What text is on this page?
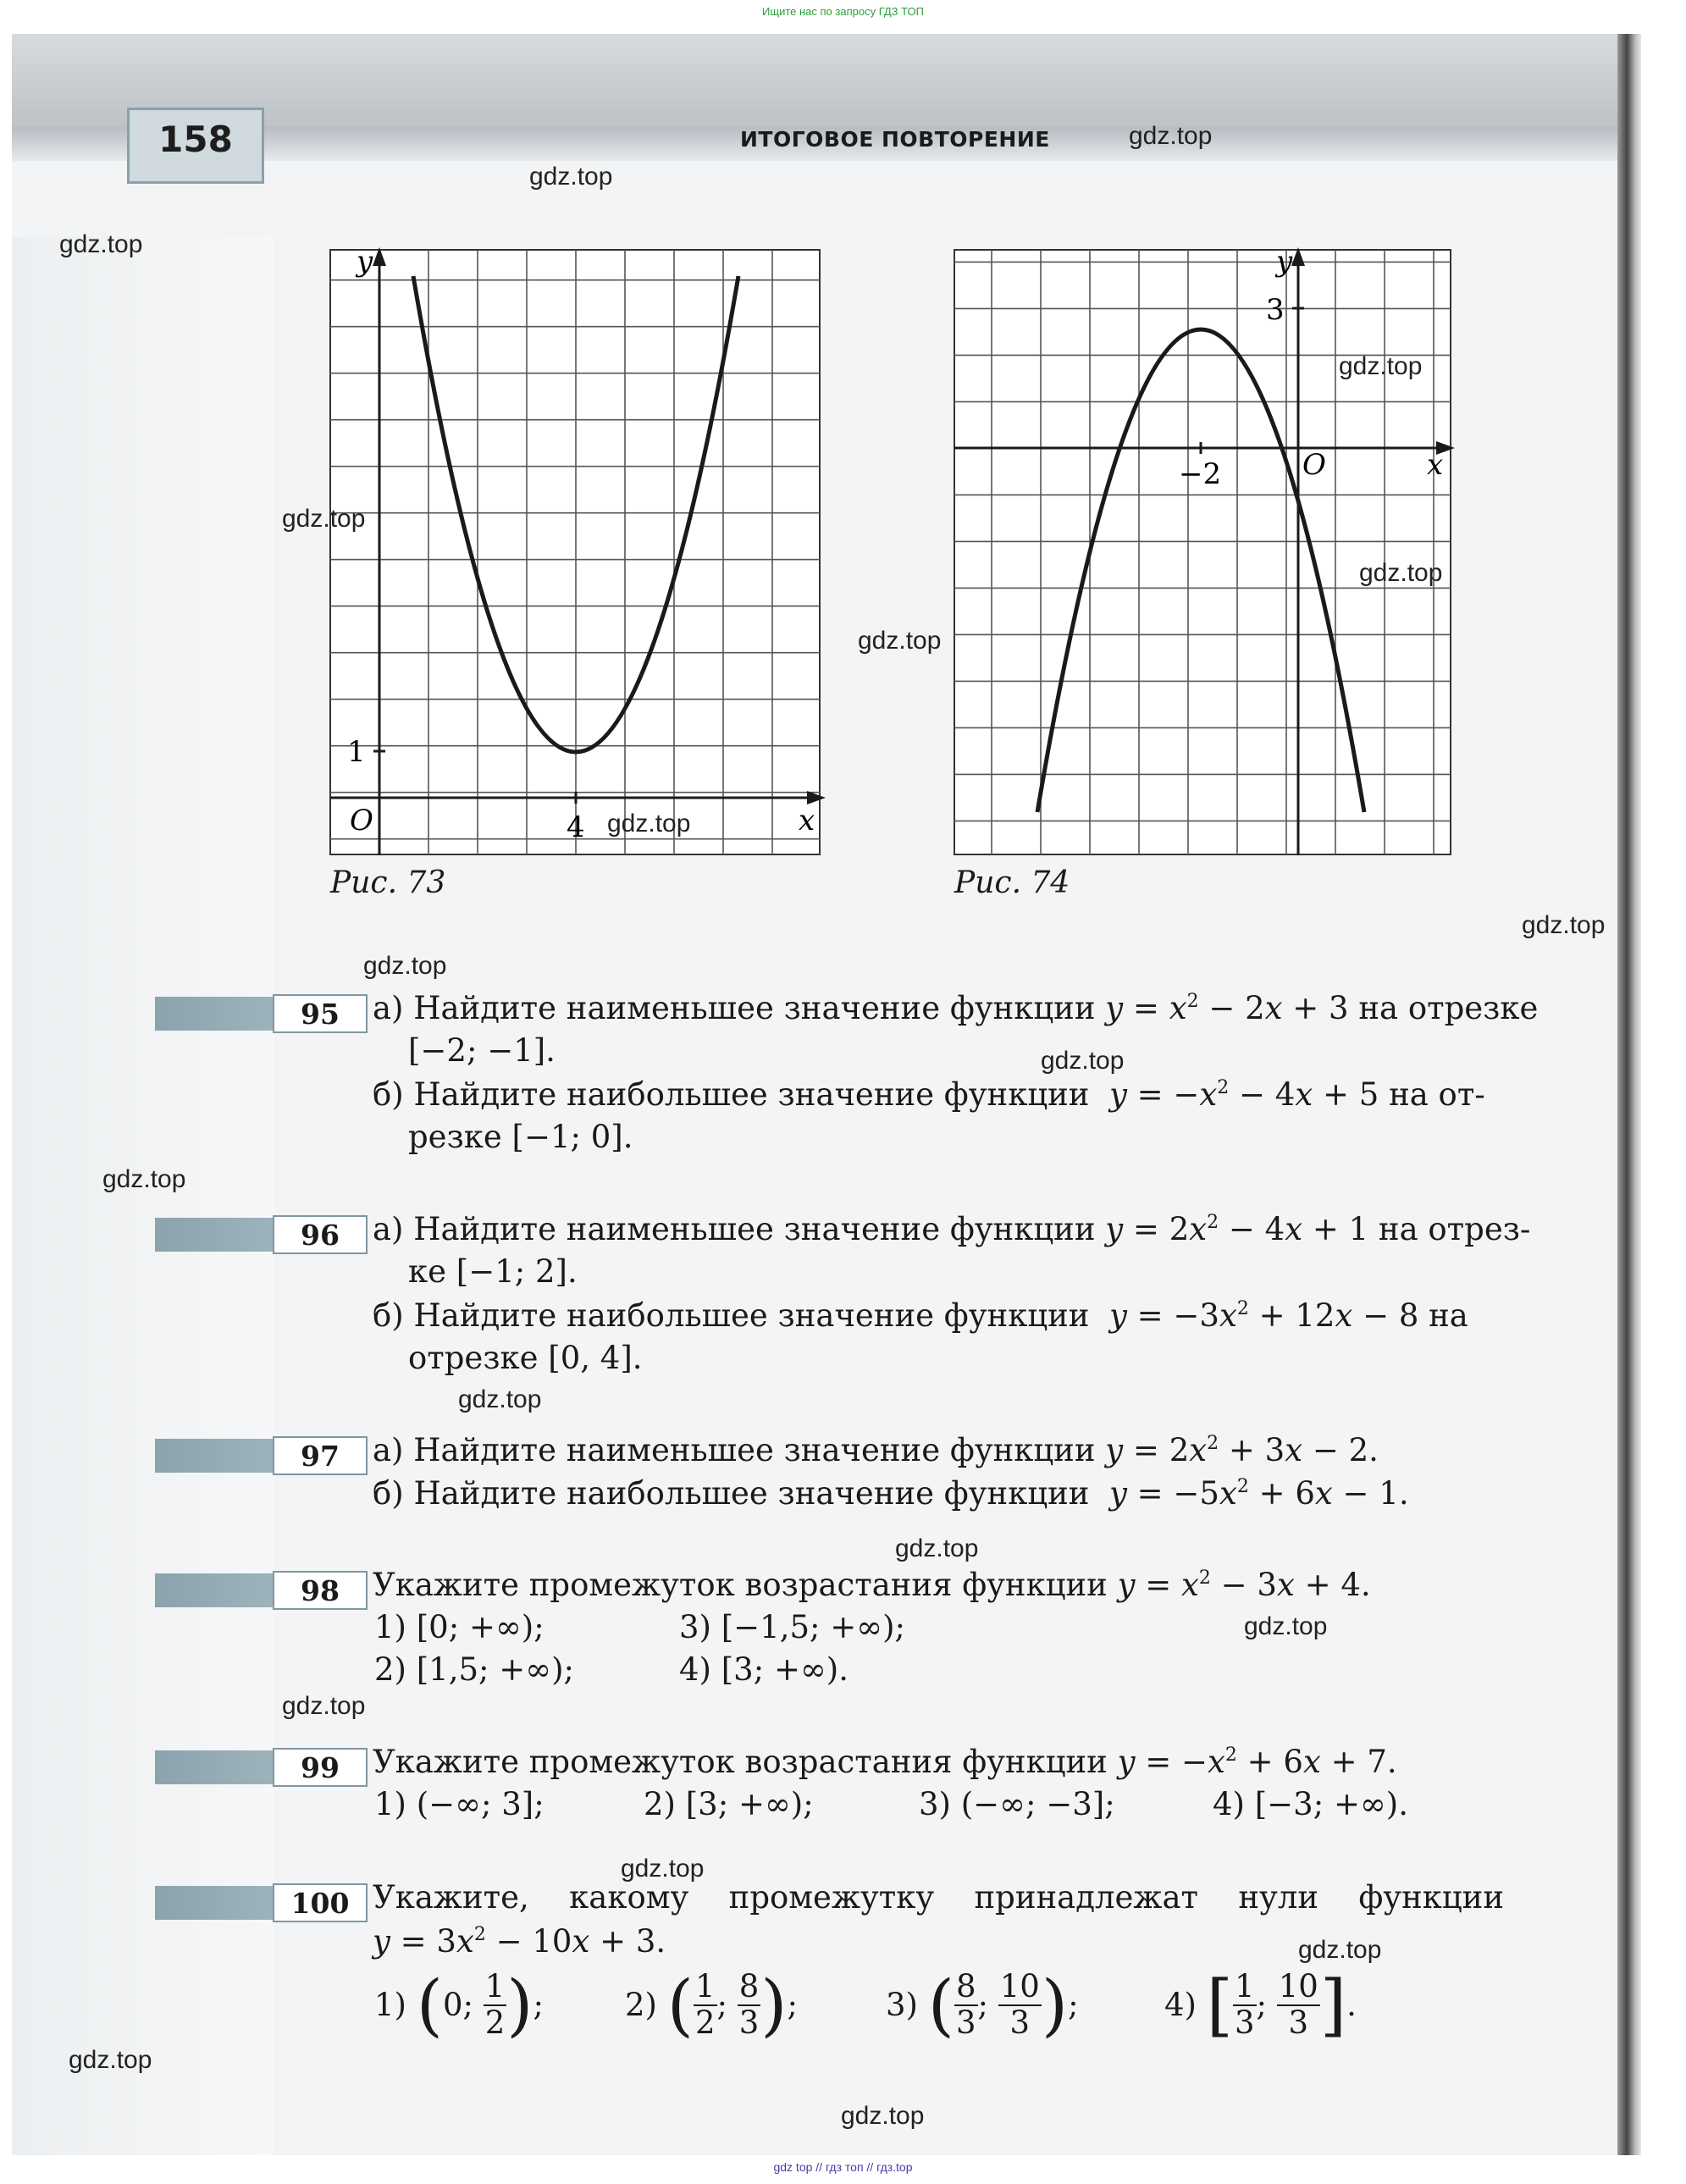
Ищите нас по запросу ГДЗ ТОП
158	ИТОГОВОЕ ПОВТОРЕНИЕ
y
x
O
1
4
Рис. 73
y
x
O
3
−2
Рис. 74
95	а) Найдите наименьшее значение функции $y = x^2 - 2x + 3$ на отрезке
[−2; −1].
б) Найдите наибольшее значение функции $y = -x^2 - 4x + 5$ на от-
резке [−1; 0].
96	а) Найдите наименьшее значение функции $y = 2x^2 - 4x + 1$ на отрез-
ке [−1; 2].
б) Найдите наибольшее значение функции $y = -3x^2 + 12x - 8$ на
отрезке [0, 4].
97	а) Найдите наименьшее значение функции $y = 2x^2 + 3x - 2$.
б) Найдите наибольшее значение функции $y = -5x^2 + 6x - 1$.
98	Укажите промежуток возрастания функции $y = x^2 - 3x + 4$.
1) [0; +∞);	3) [−1,5; +∞);
2) [1,5; +∞);	4) [3; +∞).
99	Укажите промежуток возрастания функции $y = -x^2 + 6x + 7$.
1) (−∞; 3];	2) [3; +∞);	3) (−∞; −3];	4) [−3; +∞).
100 Укажите, какому промежутку принадлежат нули функции
$y = 3x^2 - 10x + 3$.
1)
( 0; $\frac{1}{2}$ ) ;	2)
( $\frac{1}{2}$ ; $\frac{8}{3}$ ) ;	3)
( $\frac{8}{3}$ ; $\frac{10}{3}$ ) ;	4)
[ $\frac{1}{3}$ ; $\frac{10}{3}$ ] .
gdz.top
gdz.top
gdz.top
gdz.top
gdz.top
gdz.top
gdz.top
gdz.top
gdz.top
gdz.top
gdz.top
gdz.top
gdz.top
gdz.top
gdz.top
gdz.top
gdz.top
gdz.top
gdz.top
gdz.top
gdz top // гдз топ // гдз.top
